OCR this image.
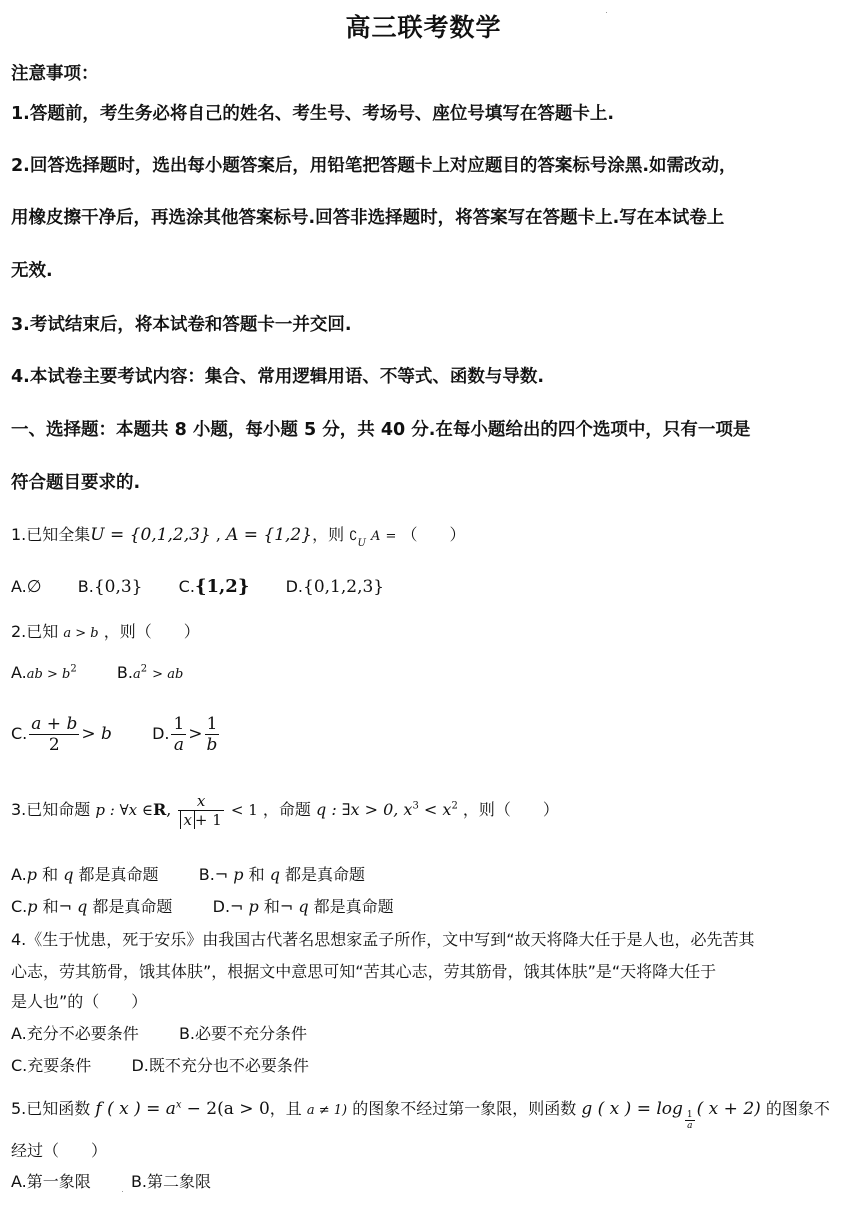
高三联考数学
注意事项：
1.答题前，考生务必将自己的姓名、考生号、考场号、座位号填写在答题卡上.
2.回答选择题时，选出每小题答案后，用铅笔把答题卡上对应题目的答案标号涂黑.如需改动，
用橡皮擦干净后，再选涂其他答案标号.回答非选择题时，将答案写在答题卡上.写在本试卷上
无效.
3.考试结束后，将本试卷和答题卡一并交回.
4.本试卷主要考试内容：集合、常用逻辑用语、不等式、函数与导数.
一、选择题：本题共 8 小题，每小题 5 分，共 40 分.在每小题给出的四个选项中，只有一项是
符合题目要求的.
1.已知全集U = {0,1,2,3} , A = {1,2}，则 $∁_U$ A = （　　）
A.∅ B.{0,3} C.{1,2} D.{0,1,2,3}
2.已知 a > b ，则（　　）
$A.ab > b^2$	$B.a^2$ > ab
C. $\frac{a + b}{2} > b$	D. $\frac{1}{a} > \frac{1}{b}$
3.已知命题 p : ∀x ∈R, $\frac{x}{x + 1} < 1$ ，命题 q : ∃x > 0, $x^3 < x^2$ ，则（　　）
A.p 和 q 都是真命题	B.¬ p 和 q 都是真命题
C.p 和¬ q 都是真命题	D.¬ p 和¬ q 都是真命题
4.《生于忧患，死于安乐》由我国古代著名思想家孟子所作，文中写到“故天将降大任于是人也，必先苦其
心志，劳其筋骨，饿其体肤”，根据文中意思可知“苦其心志，劳其筋骨，饿其体肤”是“天将降大任于
是人也”的（　　）
A.充分不必要条件	B.必要不充分条件
C.充要条件	D.既不充分也不必要条件
5.已知函数 f ( x ) = $a^x - 2(a > 0$，且 a ≠ 1) 的图象不经过第一象限，则函数 g ( x ) = log
$\frac{1}{a}$
( x + 2) 的图象不
经过（　　）
A.第一象限	B.第二象限
